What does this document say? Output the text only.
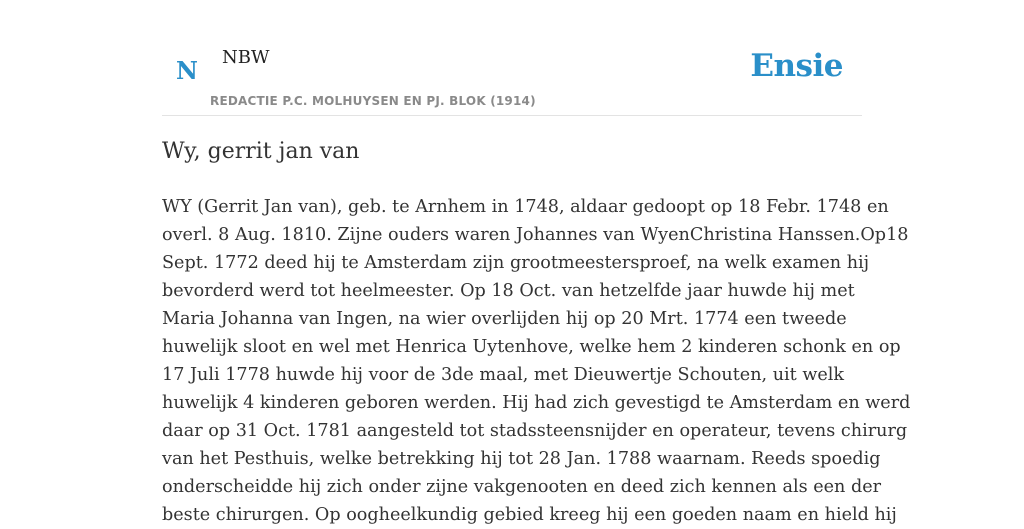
N NBW
REDACTIE P.C. MOLHUYSEN EN PJ. BLOK (1914)
Ensie
Wy, gerrit jan van
WY (Gerrit Jan van), geb. te Arnhem in 1748, aldaar gedoopt op 18 Febr. 1748 en
overl. 8 Aug. 1810. Zijne ouders waren Johannes van WyenChristina Hanssen.Op18
Sept. 1772 deed hij te Amsterdam zijn grootmeestersproef, na welk examen hij
bevorderd werd tot heelmeester. Op 18 Oct. van hetzelfde jaar huwde hij met
Maria Johanna van Ingen, na wier overlijden hij op 20 Mrt. 1774 een tweede
huwelijk sloot en wel met Henrica Uytenhove, welke hem 2 kinderen schonk en op
17 Juli 1778 huwde hij voor de 3de maal, met Dieuwertje Schouten, uit welk
huwelijk 4 kinderen geboren werden. Hij had zich gevestigd te Amsterdam en werd
daar op 31 Oct. 1781 aangesteld tot stadssteensnijder en operateur, tevens chirurg
van het Pesthuis, welke betrekking hij tot 28 Jan. 1788 waarnam. Reeds spoedig
onderscheidde hij zich onder zijne vakgenooten en deed zich kennen als een der
beste chirurgen. Op oogheelkundig gebied kreeg hij een goeden naam en hield hij
